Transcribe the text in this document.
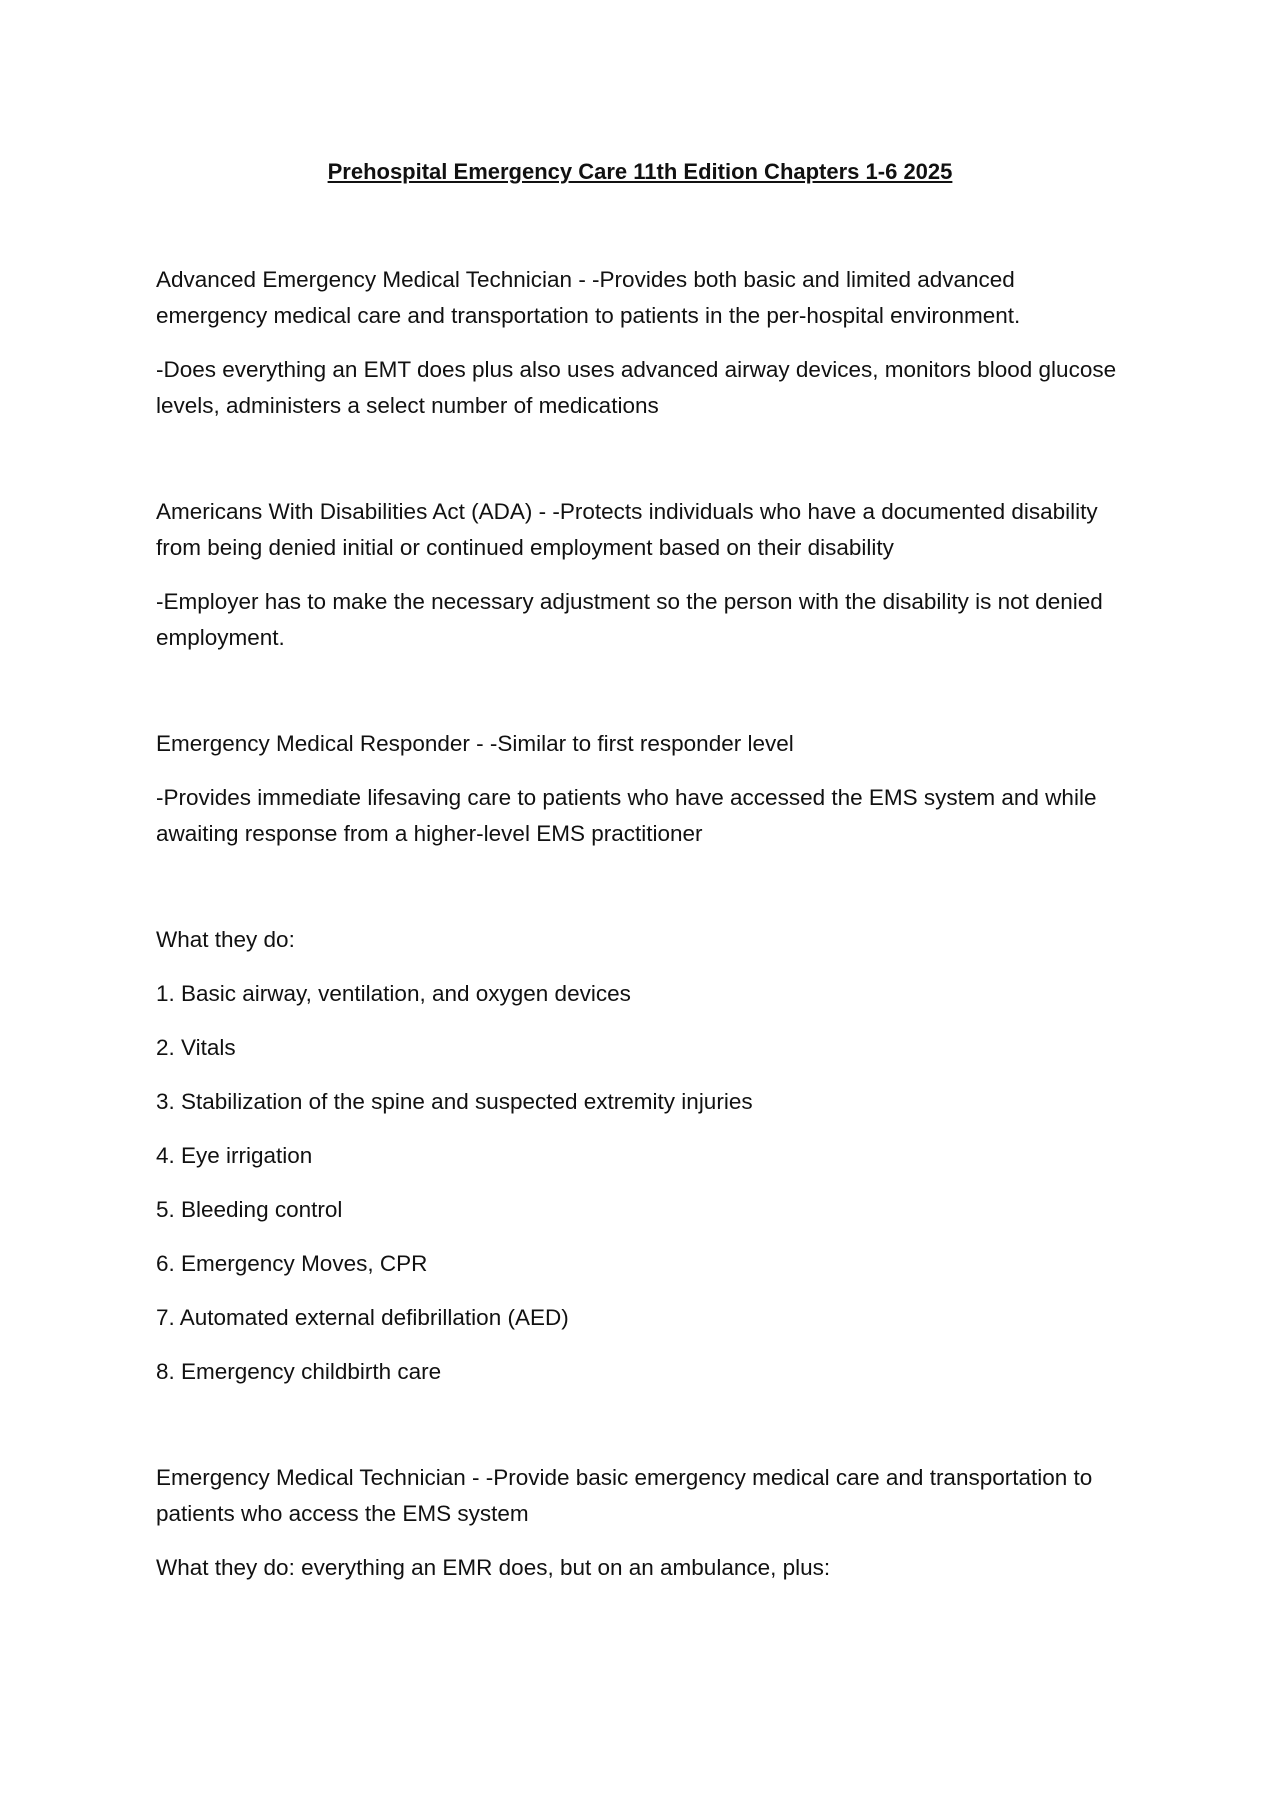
Prehospital Emergency Care 11th Edition Chapters 1-6 2025

Advanced Emergency Medical Technician - -Provides both basic and limited advanced emergency medical care and transportation to patients in the per-hospital environment.

-Does everything an EMT does plus also uses advanced airway devices, monitors blood glucose levels, administers a select number of medications

Americans With Disabilities Act (ADA) - -Protects individuals who have a documented disability from being denied initial or continued employment based on their disability

-Employer has to make the necessary adjustment so the person with the disability is not denied employment.

Emergency Medical Responder - -Similar to first responder level

-Provides immediate lifesaving care to patients who have accessed the EMS system and while awaiting response from a higher-level EMS practitioner

What they do:

1. Basic airway, ventilation, and oxygen devices

2. Vitals

3. Stabilization of the spine and suspected extremity injuries

4. Eye irrigation

5. Bleeding control

6. Emergency Moves, CPR

7. Automated external defibrillation (AED)

8. Emergency childbirth care

Emergency Medical Technician - -Provide basic emergency medical care and transportation to patients who access the EMS system

What they do: everything an EMR does, but on an ambulance, plus:
